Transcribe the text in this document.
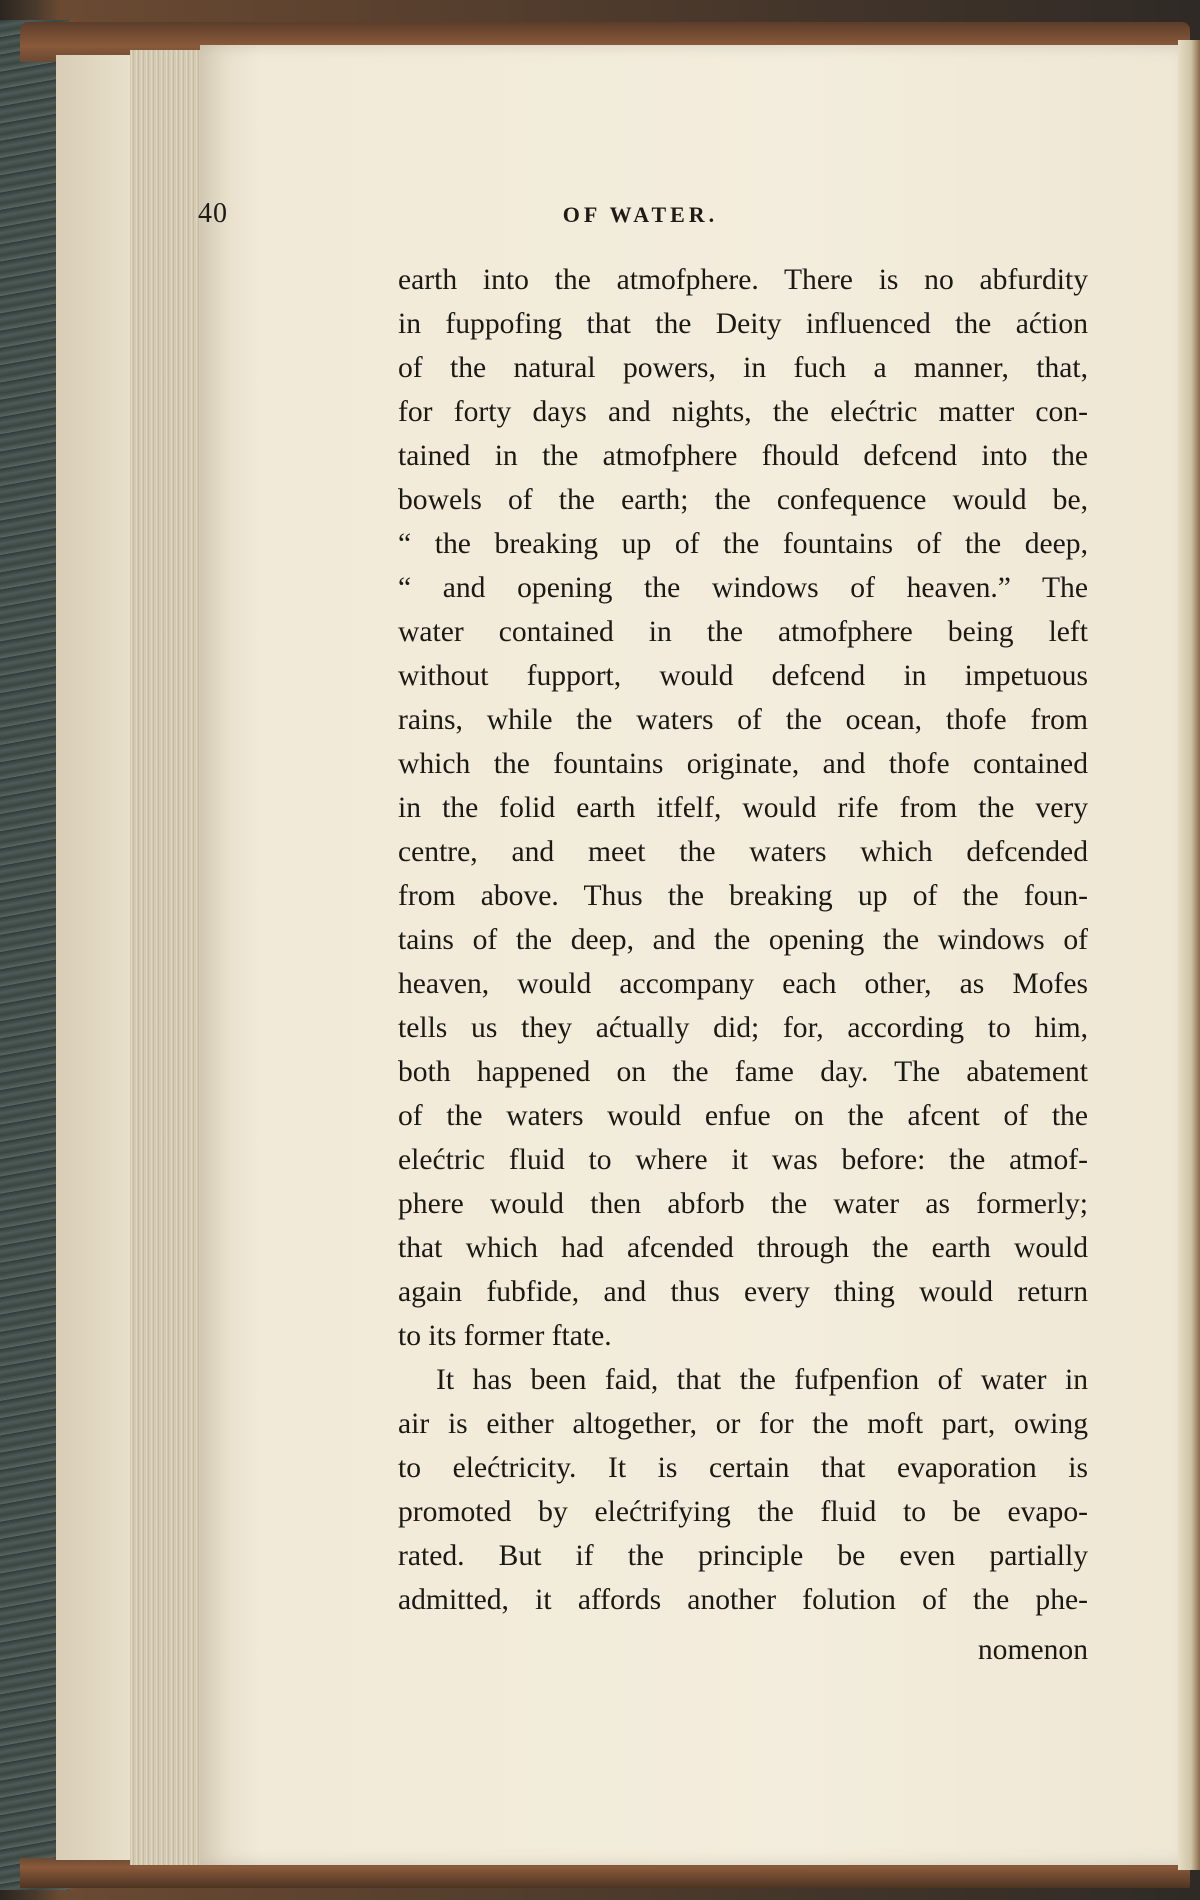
40	OF WATER.
earth into the atmofphere. There is no abfurdity
in fuppofing that the Deity influenced the aćtion
of the natural powers, in fuch a manner, that,
for forty days and nights, the elećtric matter con-
tained in the atmofphere fhould defcend into the
bowels of the earth; the confequence would be,
“ the breaking up of the fountains of the deep,
“ and opening the windows of heaven.” The
water contained in the atmofphere being left
without fupport, would defcend in impetuous
rains, while the waters of the ocean, thofe from
which the fountains originate, and thofe contained
in the folid earth itfelf, would rife from the very
centre, and meet the waters which defcended
from above. Thus the breaking up of the foun-
tains of the deep, and the opening the windows of
heaven, would accompany each other, as Mofes
tells us they aćtually did; for, according to him,
both happened on the fame day. The abatement
of the waters would enfue on the afcent of the
elećtric fluid to where it was before: the atmof-
phere would then abforb the water as formerly;
that which had afcended through the earth would
again fubfide, and thus every thing would return
to its former ftate.
It has been faid, that the fufpenfion of water in
air is either altogether, or for the moft part, owing
to elećtricity. It is certain that evaporation is
promoted by elećtrifying the fluid to be evapo-
rated. But if the principle be even partially
admitted, it affords another folution of the phe-
nomenon
